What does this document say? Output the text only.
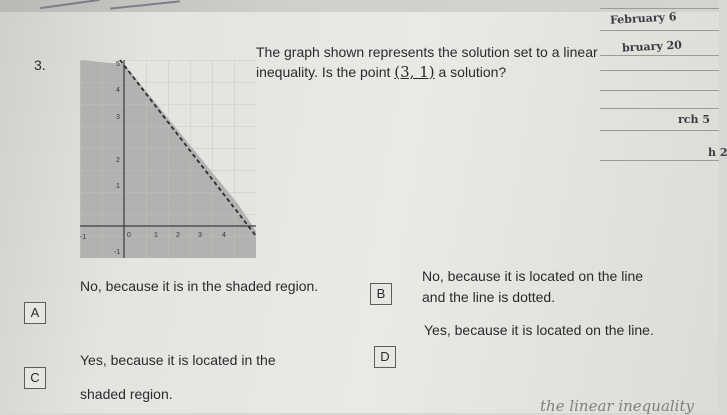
February 6
bruary 20
rch 5
h 2
3.
The graph shown represents the solution set to a linear
inequality. Is the point (3, 1) a solution?
-1	0	1	2	3	4
5
4
3
2
1
-1
A
No, because it is in the shaded region.	B
No, because it is located on the line
and the line is dotted.
C
Yes, because it is located in the
shaded region.
D
Yes, because it is located on the line.
the linear inequality
